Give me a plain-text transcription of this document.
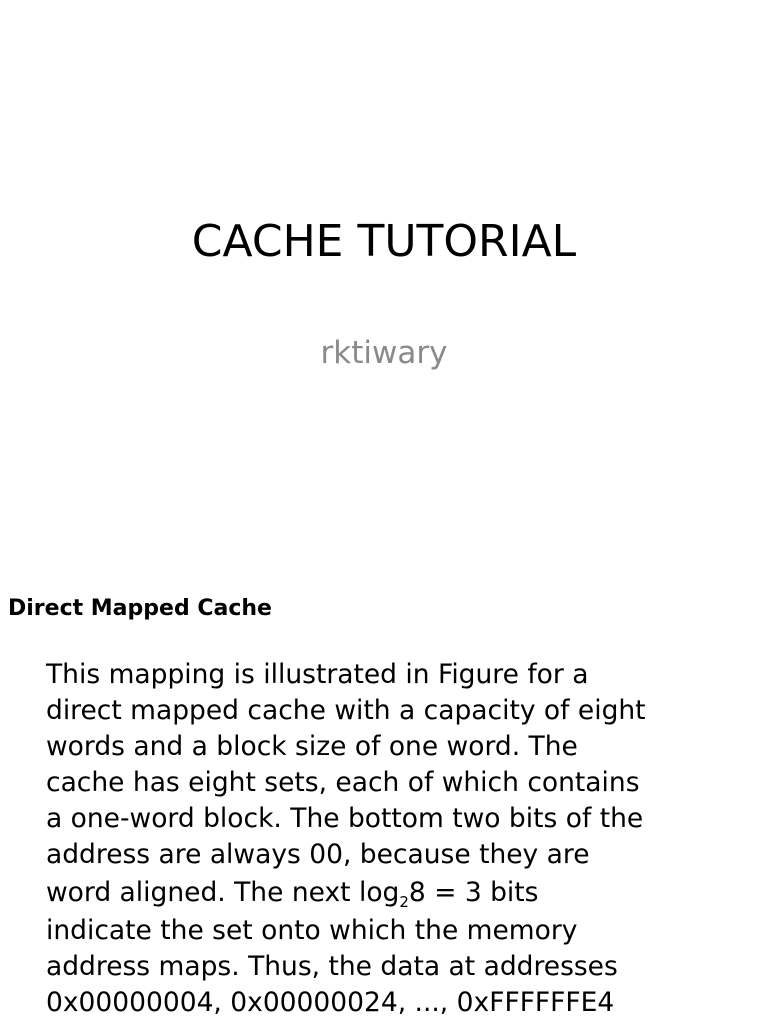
CACHE TUTORIAL
rktiwary
Direct Mapped Cache
This mapping is illustrated in Figure for a
direct mapped cache with a capacity of eight
words and a block size of one word. The
cache has eight sets, each of which contains
a one-word block. The bottom two bits of the
address are always 00, because they are
word aligned. The next $\log_28 = 3$ bits
indicate the set onto which the memory
address maps. Thus, the data at addresses
0x00000004, 0x00000024, ..., 0xFFFFFFE4
